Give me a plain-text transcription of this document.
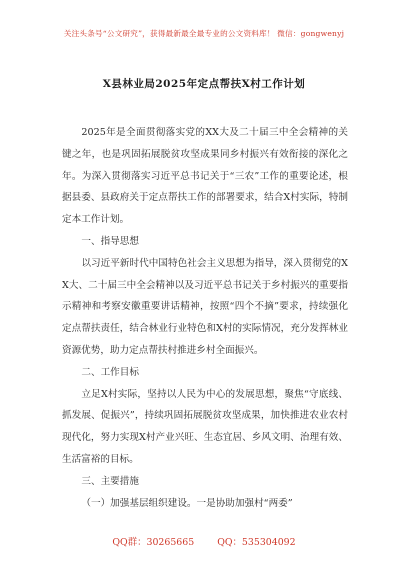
关注头条号“公文研究”，获得最新最全最专业的公文资料库！ 微信：gongwenyj
X县林业局2025年定点帮扶X村工作计划

2025年是全面贯彻落实党的XX大及二十届三中全会精神的关键之年，也是巩固拓展脱贫攻坚成果同乡村振兴有效衔接的深化之年。为深入贯彻落实习近平总书记关于“三农”工作的重要论述，根据县委、县政府关于定点帮扶工作的部署要求，结合X村实际，特制定本工作计划。

一、指导思想

以习近平新时代中国特色社会主义思想为指导，深入贯彻党的XX大、二十届三中全会精神以及习近平总书记关于乡村振兴的重要指示精神和考察安徽重要讲话精神，按照“四个不摘”要求，持续强化定点帮扶责任，结合林业行业特色和X村的实际情况，充分发挥林业资源优势，助力定点帮扶村推进乡村全面振兴。

二、工作目标

立足X村实际，坚持以人民为中心的发展思想，聚焦“守底线、抓发展、促振兴”，持续巩固拓展脱贫攻坚成果，加快推进农业农村现代化，努力实现X村产业兴旺、生态宜居、乡风文明、治理有效、生活富裕的目标。

三、主要措施

（一）加强基层组织建设。一是协助加强村“两委”

QQ群：30265665 QQ：535304092
